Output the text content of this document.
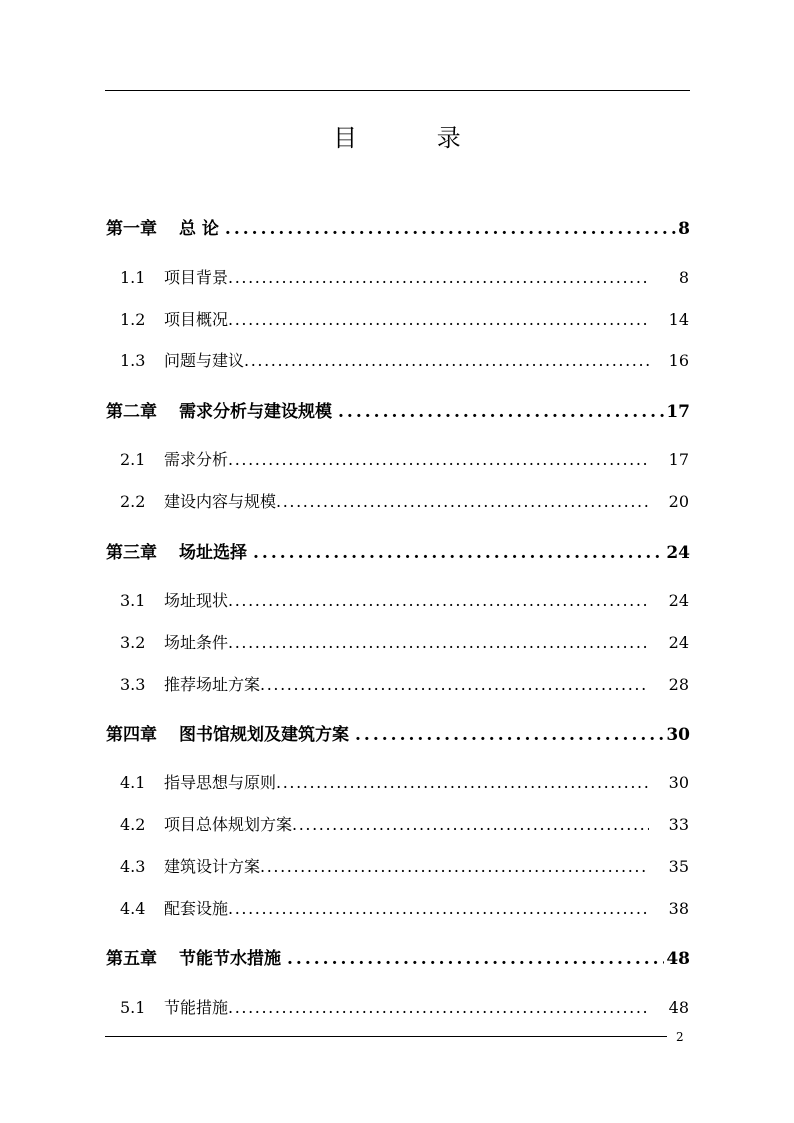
目 录
第一章 总 论 .....	8
1.1	项目背景 .....	8
1.2	项目概况 .....	14
1.3	问题与建议 .....	16
第二章 需求分析与建设规模 .....	17
2.1	需求分析 .....	17
2.2	建设内容与规模 .....	20
第三章 场址选择 .....	24
3.1	场址现状 .....	24
3.2	场址条件 .....	24
3.3	推荐场址方案 .....	28
第四章 图书馆规划及建筑方案 .....	30
4.1	指导思想与原则 .....	30
4.2	项目总体规划方案 .....	33
4.3	建筑设计方案 .....	35
4.4	配套设施 .....	38
第五章 节能节水措施 .....	48
5.1	节能措施 .....	48
2
